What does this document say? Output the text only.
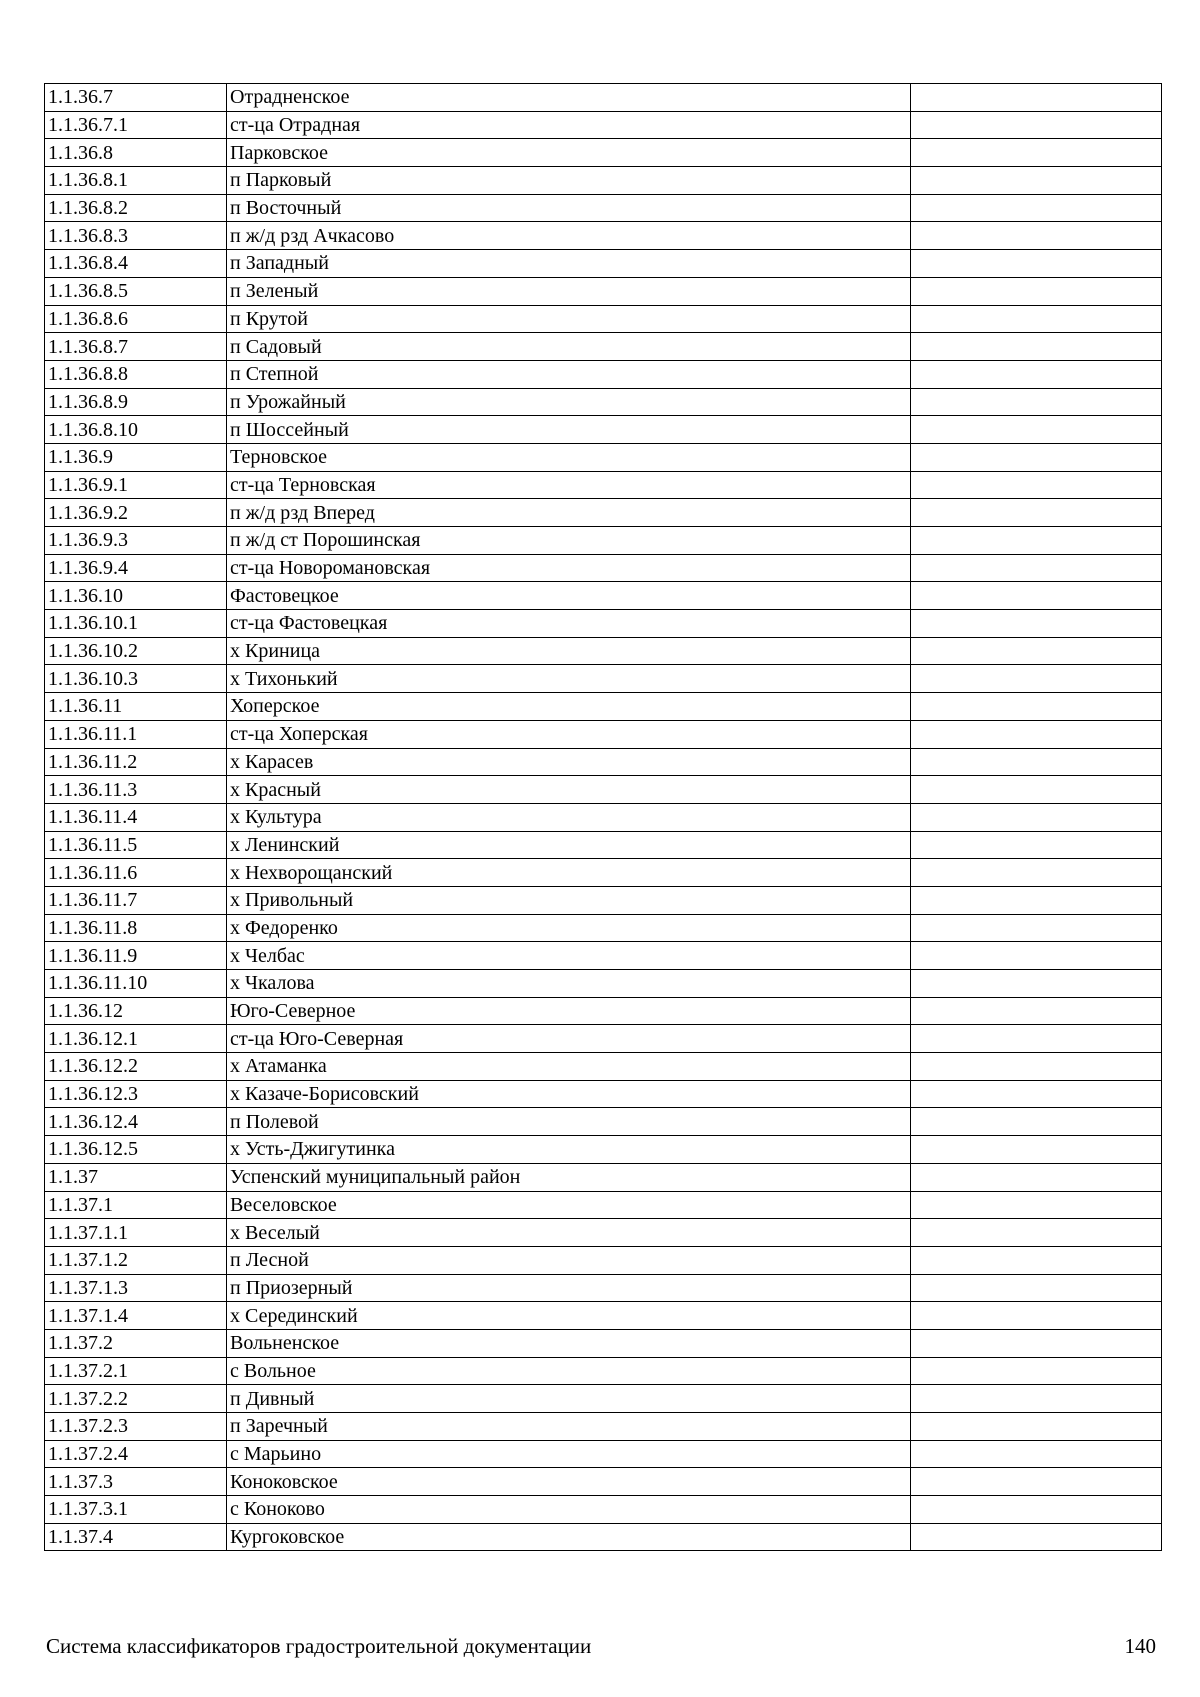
1.1.36.7	Отрадненское	
1.1.36.7.1	ст-ца Отрадная	
1.1.36.8	Парковское	
1.1.36.8.1	п Парковый	
1.1.36.8.2	п Восточный	
1.1.36.8.3	п ж/д рзд Ачкасово	
1.1.36.8.4	п Западный	
1.1.36.8.5	п Зеленый	
1.1.36.8.6	п Крутой	
1.1.36.8.7	п Садовый	
1.1.36.8.8	п Степной	
1.1.36.8.9	п Урожайный	
1.1.36.8.10	п Шоссейный	
1.1.36.9	Терновское	
1.1.36.9.1	ст-ца Терновская	
1.1.36.9.2	п ж/д рзд Вперед	
1.1.36.9.3	п ж/д ст Порошинская	
1.1.36.9.4	ст-ца Новоромановская	
1.1.36.10	Фастовецкое	
1.1.36.10.1	ст-ца Фастовецкая	
1.1.36.10.2	х Криница	
1.1.36.10.3	х Тихонький	
1.1.36.11	Хоперское	
1.1.36.11.1	ст-ца Хоперская	
1.1.36.11.2	х Карасев	
1.1.36.11.3	х Красный	
1.1.36.11.4	х Культура	
1.1.36.11.5	х Ленинский	
1.1.36.11.6	х Нехворощанский	
1.1.36.11.7	х Привольный	
1.1.36.11.8	х Федоренко	
1.1.36.11.9	х Челбас	
1.1.36.11.10	х Чкалова	
1.1.36.12	Юго-Северное	
1.1.36.12.1	ст-ца Юго-Северная	
1.1.36.12.2	х Атаманка	
1.1.36.12.3	х Казаче-Борисовский	
1.1.36.12.4	п Полевой	
1.1.36.12.5	х Усть-Джигутинка	
1.1.37	Успенский муниципальный район	
1.1.37.1	Веселовское	
1.1.37.1.1	х Веселый	
1.1.37.1.2	п Лесной	
1.1.37.1.3	п Приозерный	
1.1.37.1.4	х Серединский	
1.1.37.2	Вольненское	
1.1.37.2.1	с Вольное	
1.1.37.2.2	п Дивный	
1.1.37.2.3	п Заречный	
1.1.37.2.4	с Марьино	
1.1.37.3	Коноковское	
1.1.37.3.1	с Коноково	
1.1.37.4	Кургоковское	
Система классификаторов градостроительной документации	140
